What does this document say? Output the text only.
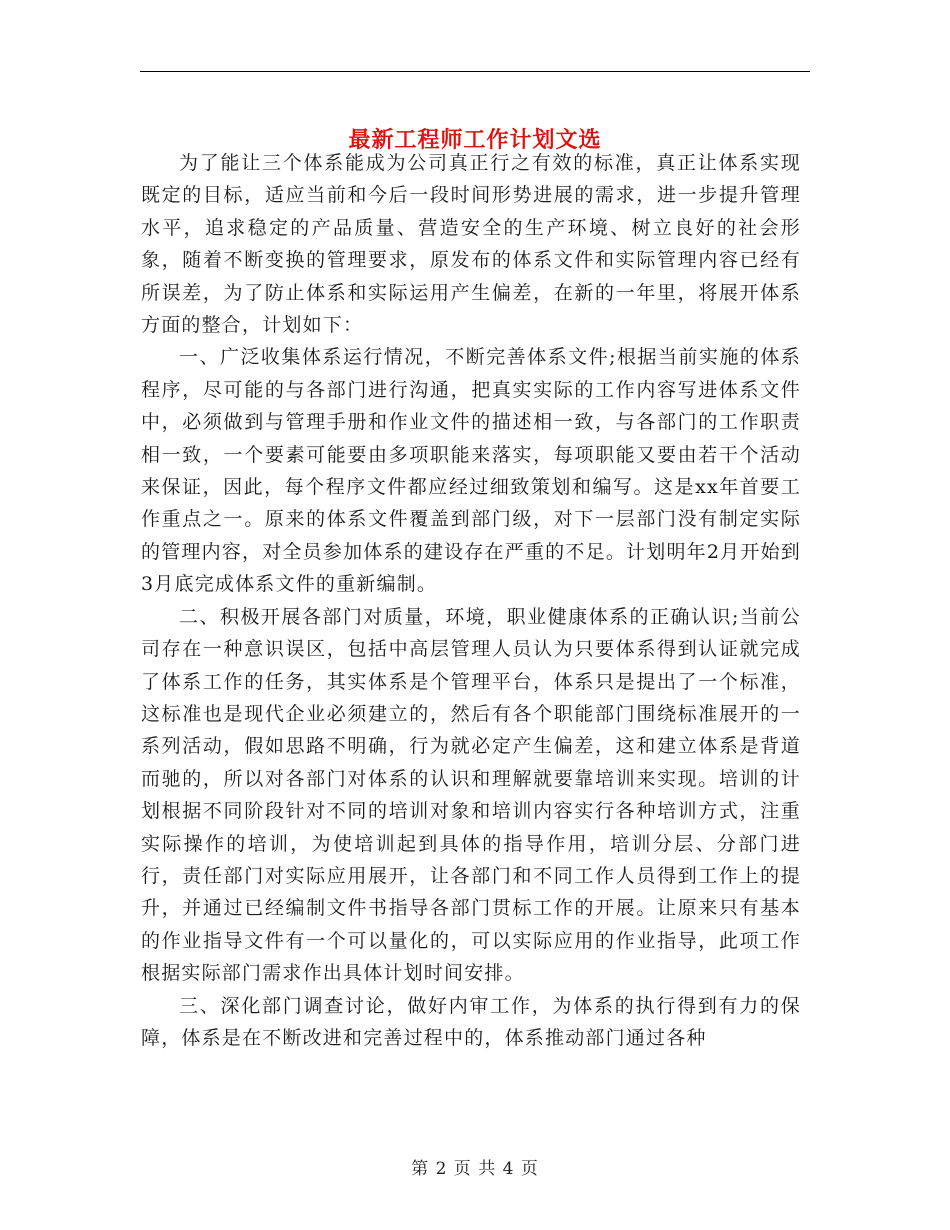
最新工程师工作计划文选

为了能让三个体系能成为公司真正行之有效的标准，真正让体系实现既定的目标，适应当前和今后一段时间形势进展的需求，进一步提升管理水平，追求稳定的产品质量、营造安全的生产环境、树立良好的社会形象，随着不断变换的管理要求，原发布的体系文件和实际管理内容已经有所误差，为了防止体系和实际运用产生偏差，在新的一年里，将展开体系方面的整合，计划如下：

一、广泛收集体系运行情况，不断完善体系文件;根据当前实施的体系程序，尽可能的与各部门进行沟通，把真实实际的工作内容写进体系文件中，必须做到与管理手册和作业文件的描述相一致，与各部门的工作职责相一致，一个要素可能要由多项职能来落实，每项职能又要由若干个活动来保证，因此，每个程序文件都应经过细致策划和编写。这是xx年首要工作重点之一。原来的体系文件覆盖到部门级，对下一层部门没有制定实际的管理内容，对全员参加体系的建设存在严重的不足。计划明年2月开始到3月底完成体系文件的重新编制。

二、积极开展各部门对质量，环境，职业健康体系的正确认识;当前公司存在一种意识误区，包括中高层管理人员认为只要体系得到认证就完成了体系工作的任务，其实体系是个管理平台，体系只是提出了一个标准，这标准也是现代企业必须建立的，然后有各个职能部门围绕标准展开的一系列活动，假如思路不明确，行为就必定产生偏差，这和建立体系是背道而驰的，所以对各部门对体系的认识和理解就要靠培训来实现。培训的计划根据不同阶段针对不同的培训对象和培训内容实行各种培训方式，注重实际操作的培训，为使培训起到具体的指导作用，培训分层、分部门进行，责任部门对实际应用展开，让各部门和不同工作人员得到工作上的提升，并通过已经编制文件书指导各部门贯标工作的开展。让原来只有基本的作业指导文件有一个可以量化的，可以实际应用的作业指导，此项工作根据实际部门需求作出具体计划时间安排。

三、深化部门调查讨论，做好内审工作，为体系的执行得到有力的保障，体系是在不断改进和完善过程中的，体系推动部门通过各种

第 2 页 共 4 页
